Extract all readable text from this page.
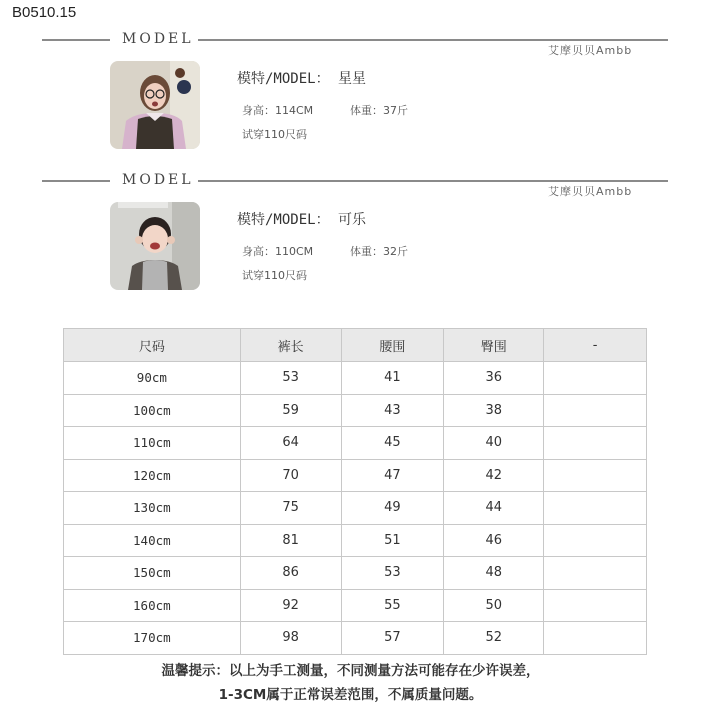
B0510.15
MODEL
艾摩贝贝Ambb
模特/MODEL： 星星
身高：114CM	体重：37斤
试穿110尺码
MODEL
艾摩贝贝Ambb
模特/MODEL： 可乐
身高：110CM	体重：32斤
试穿110尺码
尺码	裤长	腰围	臀围	-
90cm	53	41	36	
100cm	59	43	38	
110cm	64	45	40	
120cm	70	47	42	
130cm	75	49	44	
140cm	81	51	46	
150cm	86	53	48	
160cm	92	55	50	
170cm	98	57	52	
温馨提示：以上为手工测量，不同测量方法可能存在少许误差，
1-3CM属于正常误差范围，不属质量问题。
